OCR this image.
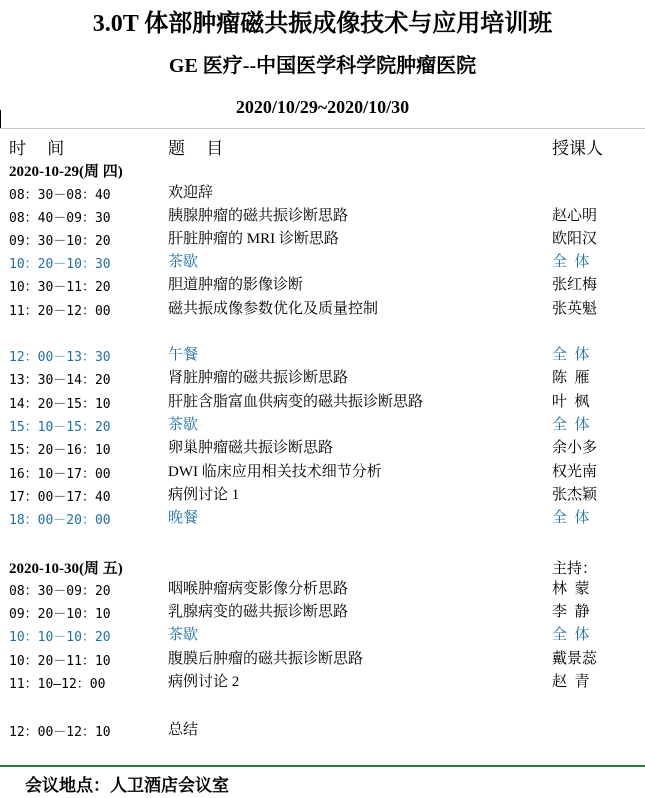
3.0T 体部肿瘤磁共振成像技术与应用培训班
GE 医疗--中国医学科学院肿瘤医院
2020/10/29~2020/10/30
时     间	题     目	授课人
2020-10-29(周 四)
08：30－08：40	欢迎辞
08：40－09：30	胰腺肿瘤的磁共振诊断思路	赵心明
09：30－10：20	肝脏肿瘤的 MRI 诊断思路	欧阳汉
10：20－10：30	茶歇	全  体
10：30－11：20	胆道肿瘤的影像诊断	张红梅
11：20－12：00	磁共振成像参数优化及质量控制	张英魁
12：00－13：30	午餐	全  体
13：30－14：20	肾脏肿瘤的磁共振诊断思路	陈  雁
14：20－15：10	肝脏含脂富血供病变的磁共振诊断思路	叶  枫
15：10－15：20	茶歇	全  体
15：20－16：10	卵巢肿瘤磁共振诊断思路	余小多
16：10－17：00	DWI 临床应用相关技术细节分析	权光南
17：00－17：40	病例讨论 1	张杰颖
18：00－20：00	晚餐	全  体
2020-10-30(周 五)	主持：
08：30－09：20	咽喉肿瘤病变影像分析思路	林  蒙
09：20－10：10	乳腺病变的磁共振诊断思路	李  静
10：10－10：20	茶歇	全  体
10：20－11：10	腹膜后肿瘤的磁共振诊断思路	戴景蕊
11：10—12：00	病例讨论 2	赵  青
12：00－12：10	总结
会议地点：人卫酒店会议室
